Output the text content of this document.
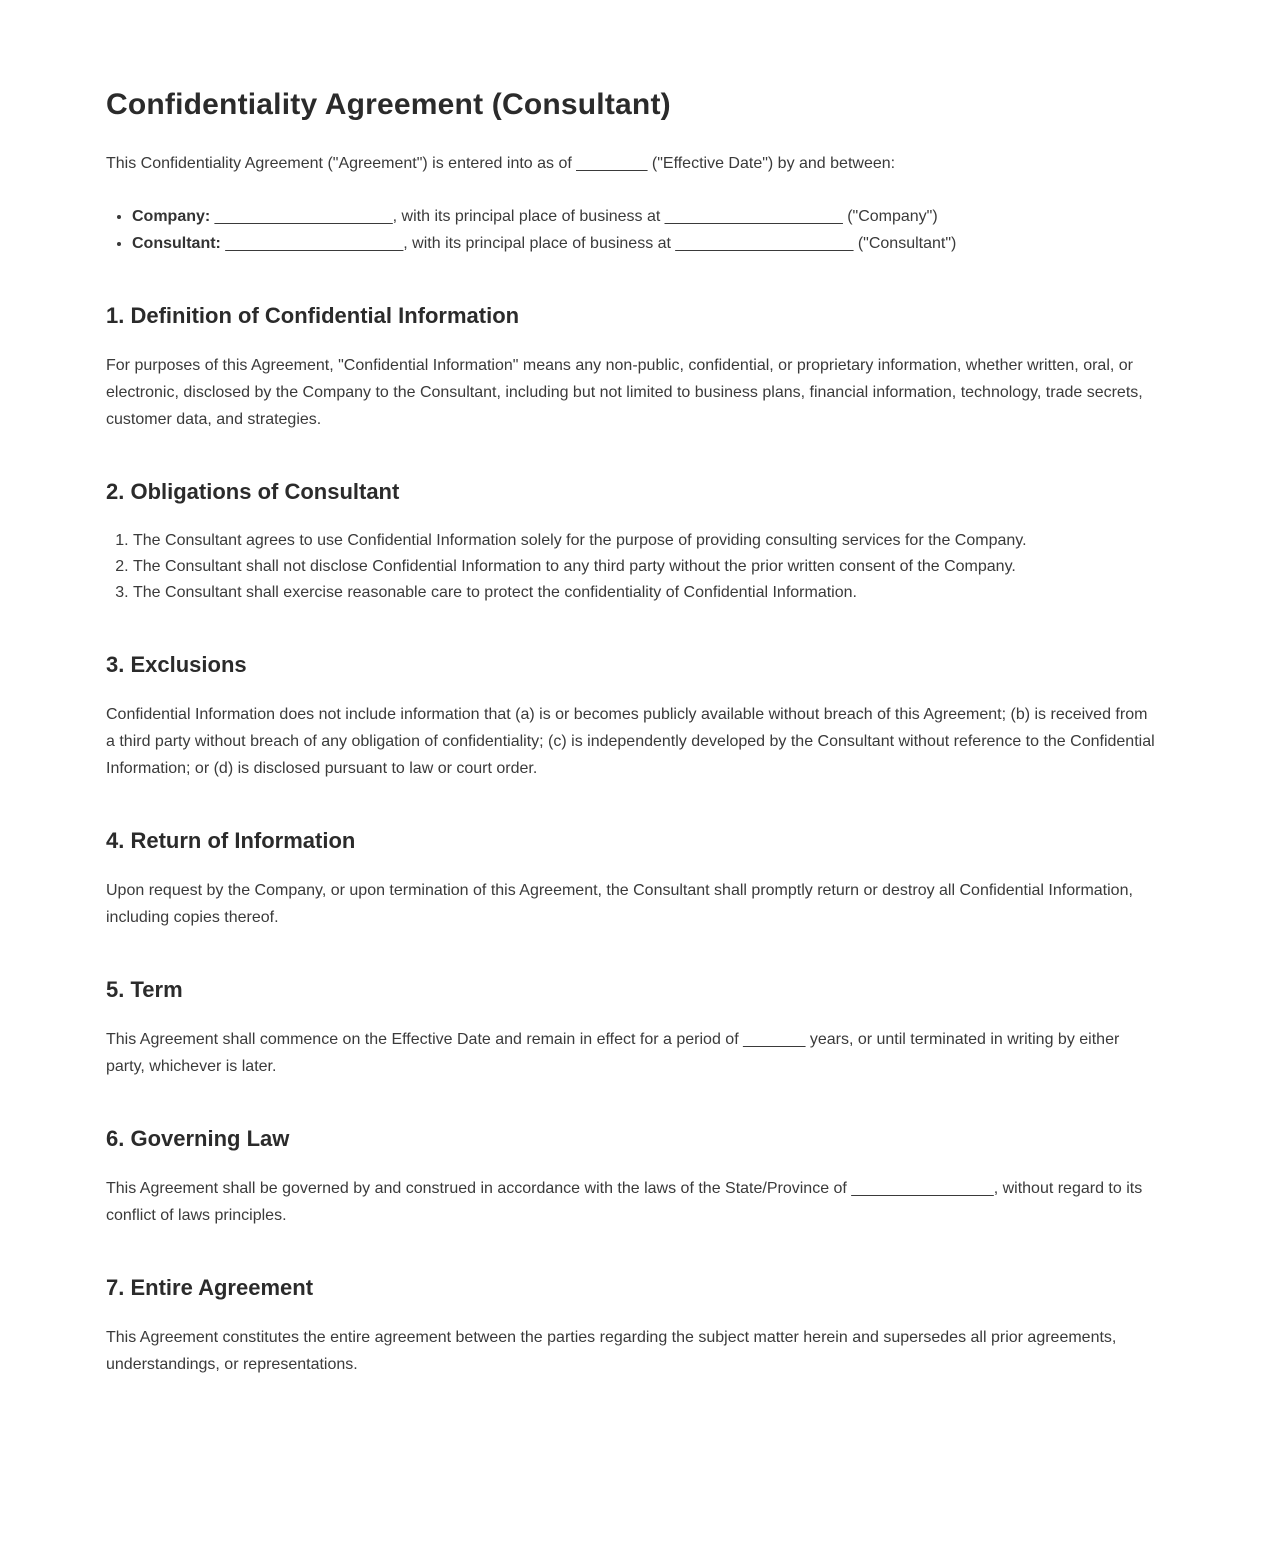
Confidentiality Agreement (Consultant)

This Confidentiality Agreement ("Agreement") is entered into as of ________ ("Effective Date") by and between:

• Company: ____________________, with its principal place of business at ____________________ ("Company")
• Consultant: ____________________, with its principal place of business at ____________________ ("Consultant")
1. Definition of Confidential Information

For purposes of this Agreement, "Confidential Information" means any non-public, confidential, or proprietary information, whether written, oral, or electronic, disclosed by the Company to the Consultant, including but not limited to business plans, financial information, technology, trade secrets, customer data, and strategies.

2. Obligations of Consultant
1. The Consultant agrees to use Confidential Information solely for the purpose of providing consulting services for the Company.
2. The Consultant shall not disclose Confidential Information to any third party without the prior written consent of the Company.
3. The Consultant shall exercise reasonable care to protect the confidentiality of Confidential Information.
3. Exclusions

Confidential Information does not include information that (a) is or becomes publicly available without breach of this Agreement; (b) is received from a third party without breach of any obligation of confidentiality; (c) is independently developed by the Consultant without reference to the Confidential Information; or (d) is disclosed pursuant to law or court order.

4. Return of Information

Upon request by the Company, or upon termination of this Agreement, the Consultant shall promptly return or destroy all Confidential Information, including copies thereof.

5. Term

This Agreement shall commence on the Effective Date and remain in effect for a period of _______ years, or until terminated in writing by either party, whichever is later.

6. Governing Law

This Agreement shall be governed by and construed in accordance with the laws of the State/Province of ________________, without regard to its conflict of laws principles.

7. Entire Agreement

This Agreement constitutes the entire agreement between the parties regarding the subject matter herein and supersedes all prior agreements, understandings, or representations.
